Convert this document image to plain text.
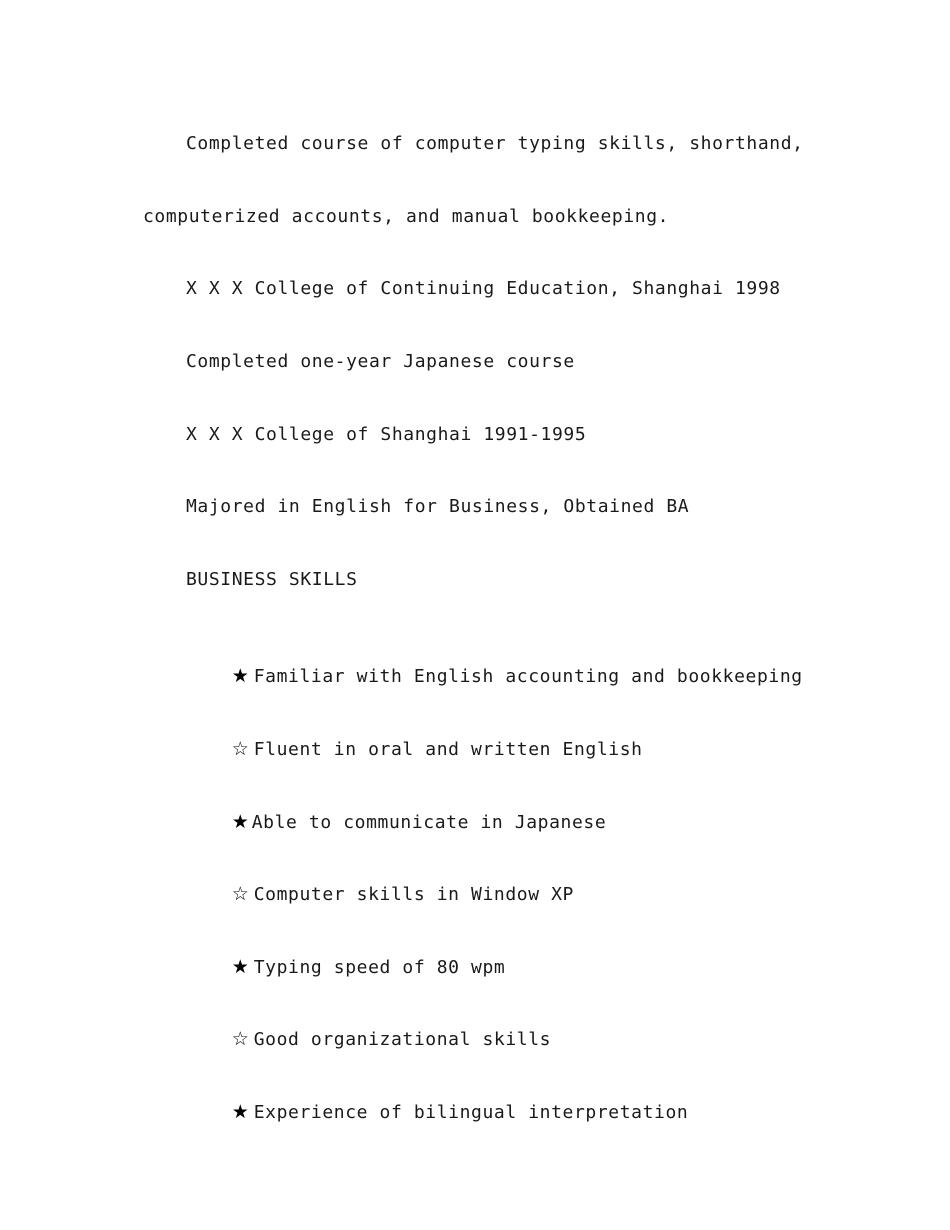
Completed course of computer typing skills, shorthand,
computerized accounts, and manual bookkeeping.
X X X College of Continuing Education, Shanghai 1998
Completed one-year Japanese course
X X X College of Shanghai 1991-1995
Majored in English for Business, Obtained BA
BUSINESS SKILLS

★ Familiar with English accounting and bookkeeping

☆ Fluent in oral and written English

★ Able to communicate in Japanese

☆ Computer skills in Window XP

★ Typing speed of 80 wpm

☆ Good organizational skills

★ Experience of bilingual interpretation
